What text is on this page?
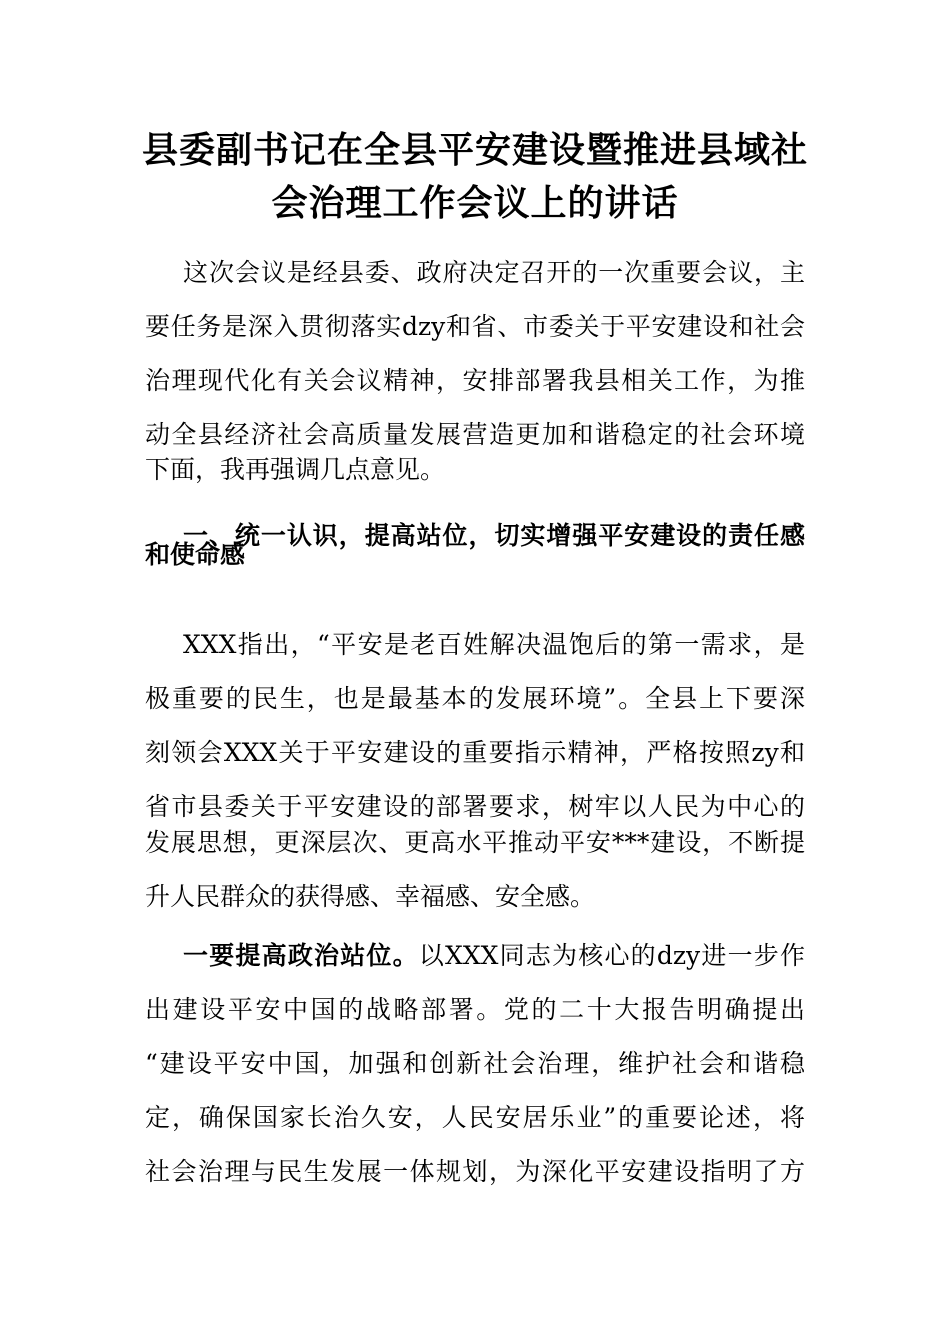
县委副书记在全县平安建设暨推进县域社
会治理工作会议上的讲话
这次会议是经县委、政府决定召开的一次重要会议，主
要任务是深入贯彻落实dzy和省、市委关于平安建设和社会
治理现代化有关会议精神，安排部署我县相关工作，为推
动全县经济社会高质量发展营造更加和谐稳定的社会环境
下面，我再强调几点意见。
一、统一认识，提高站位，切实增强平安建设的责任感
和使命感
XXX指出，“平安是老百姓解决温饱后的第一需求，是
极重要的民生，也是最基本的发展环境”。全县上下要深
刻领会XXX关于平安建设的重要指示精神，严格按照zy和
省市县委关于平安建设的部署要求，树牢以人民为中心的
发展思想，更深层次、更高水平推动平安***建设，不断提
升人民群众的获得感、幸福感、安全感。
一要提高政治站位。以XXX同志为核心的dzy进一步作
出建设平安中国的战略部署。党的二十大报告明确提出
“建设平安中国，加强和创新社会治理，维护社会和谐稳
定，确保国家长治久安，人民安居乐业”的重要论述，将
社会治理与民生发展一体规划，为深化平安建设指明了方
